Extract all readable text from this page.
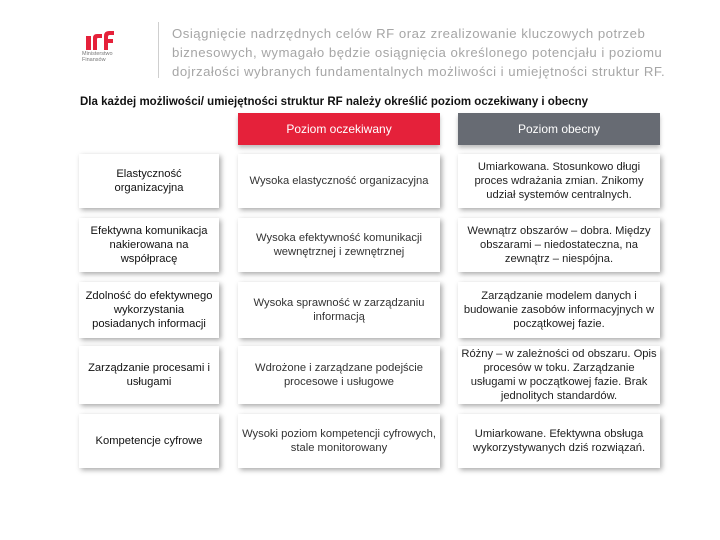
Ministerstwo
Finansów
Osiągnięcie nadrzędnych celów RF oraz zrealizowanie kluczowych potrzeb biznesowych, wymagało będzie osiągnięcia określonego potencjału i poziomu dojrzałości wybranych fundamentalnych możliwości i umiejętności struktur RF.
Dla każdej możliwości/ umiejętności struktur RF należy określić poziom oczekiwany i obecny
Poziom oczekiwany	Poziom obecny
Elastyczność organizacyjna
Wysoka elastyczność organizacyjna
Umiarkowana. Stosunkowo długi proces wdrażania zmian. Znikomy udział systemów centralnych.
Efektywna komunikacja nakierowana na współpracę
Wysoka efektywność komunikacji wewnętrznej i zewnętrznej
Wewnątrz obszarów – dobra. Między obszarami – niedostateczna, na zewnątrz – niespójna.
Zdolność do efektywnego wykorzystania posiadanych informacji
Wysoka sprawność w zarządzaniu informacją
Zarządzanie modelem danych i budowanie zasobów informacyjnych w początkowej fazie.
Zarządzanie procesami i usługami
Wdrożone i zarządzane podejście procesowe i usługowe
Różny – w zależności od obszaru. Opis procesów w toku. Zarządzanie usługami w początkowej fazie. Brak jednolitych standardów.
Kompetencje cyfrowe
Wysoki poziom kompetencji cyfrowych, stale monitorowany
Umiarkowane. Efektywna obsługa wykorzystywanych dziś rozwiązań.
